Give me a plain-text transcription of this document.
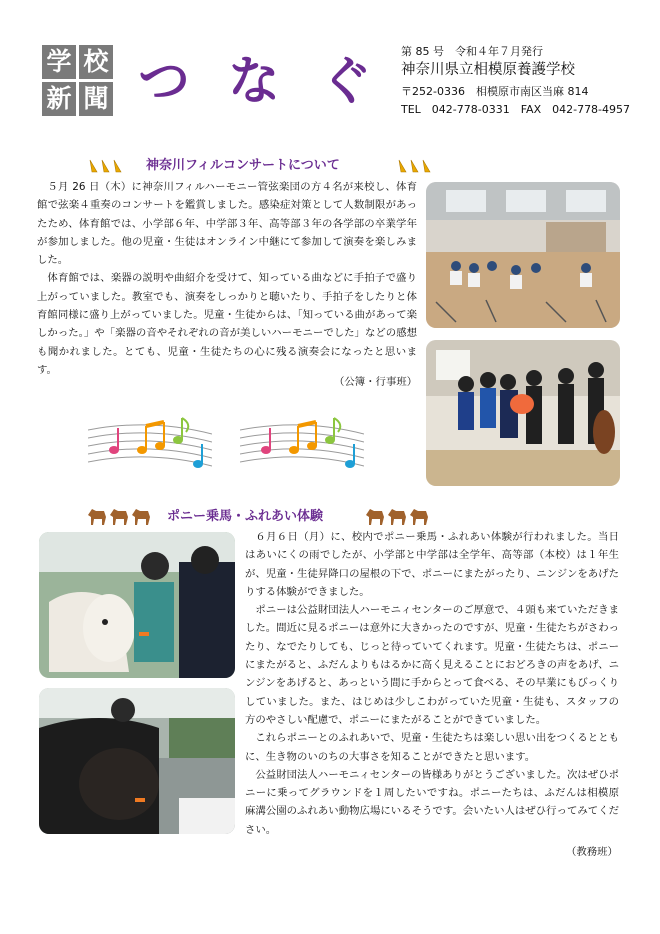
学 校
新 聞 つ な ぐ
第 85 号　令和４年７月発行
神奈川県立相模原養護学校
〒252-0336　相模原市南区当麻 814
TEL　042-778-0331　FAX　042-778-4957
神奈川フィルコンサートについて

５月 26 日（木）に神奈川フィルハーモニー管弦楽団の方４名が来校し、体育館で弦楽４重奏のコンサートを鑑賞しました。感染症対策として人数制限があったため、体育館では、小学部６年、中学部３年、高等部３年の各学部の卒業学年が参加しました。他の児童・生徒はオンライン中継にて参加して演奏を楽しみました。

体育館では、楽器の説明や曲紹介を受けて、知っている曲などに手拍子で盛り上がっていました。教室でも、演奏をしっかりと聴いたり、手拍子をしたりと体育館同様に盛り上がっていました。児童・生徒からは、「知っている曲があって楽しかった。」や「楽器の音やそれぞれの音が美しいハーモニーでした」などの感想も聞かれました。とても、児童・生徒たちの心に残る演奏会になったと思います。

（公簿・行事班）
ポニー乗馬・ふれあい体験

６月６日（月）に、校内でポニー乗馬・ふれあい体験が行われました。当日はあいにくの雨でしたが、小学部と中学部は全学年、高等部（本校）は１年生が、児童・生徒昇降口の屋根の下で、ポニーにまたがったり、ニンジンをあげたりする体験ができました。

ポニーは公益財団法人ハーモニィセンターのご厚意で、４頭も来ていただきました。間近に見るポニーは意外に大きかったのですが、児童・生徒たちがさわったり、なでたりしても、じっと待っていてくれます。児童・生徒たちは、ポニーにまたがると、ふだんよりもはるかに高く見えることにおどろきの声をあげ、ニンジンをあげると、あっという間に手からとって食べる、その早業にもびっくりしていました。また、はじめは少しこわがっていた児童・生徒も、スタッフの方のやさしい配慮で、ポニーにまたがることができていました。

これらポニーとのふれあいで、児童・生徒たちは楽しい思い出をつくるとともに、生き物のいのちの大事さを知ることができたと思います。

公益財団法人ハーモニィセンターの皆様ありがとうございました。次はぜひポニーに乗ってグラウンドを１周したいですね。ポニーたちは、ふだんは相模原麻溝公園のふれあい動物広場にいるそうです。会いたい人はぜひ行ってみてください。

（教務班）
